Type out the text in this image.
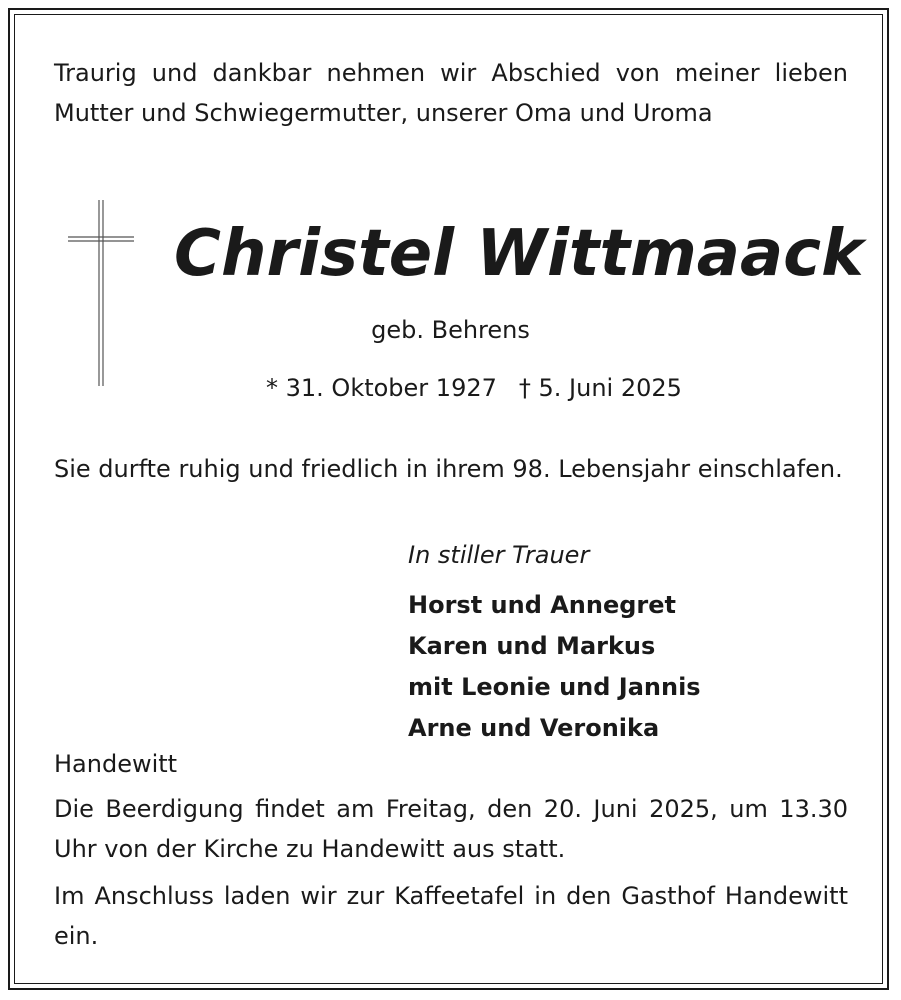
Traurig und dankbar nehmen wir Abschied von meiner lieben Mutter und Schwiegermutter, unserer Oma und Uroma

Christel Wittmaack

geb. Behrens

* 31. Oktober 1927 † 5. Juni 2025

Sie durfte ruhig und friedlich in ihrem 98. Lebensjahr einschlafen.

In stiller Trauer

Horst und Annegret
Karen und Markus
mit Leonie und Jannis
Arne und Veronika

Handewitt

Die Beerdigung findet am Freitag, den 20. Juni 2025, um 13.30 Uhr von der Kirche zu Handewitt aus statt.

Im Anschluss laden wir zur Kaffeetafel in den Gasthof Handewitt ein.
